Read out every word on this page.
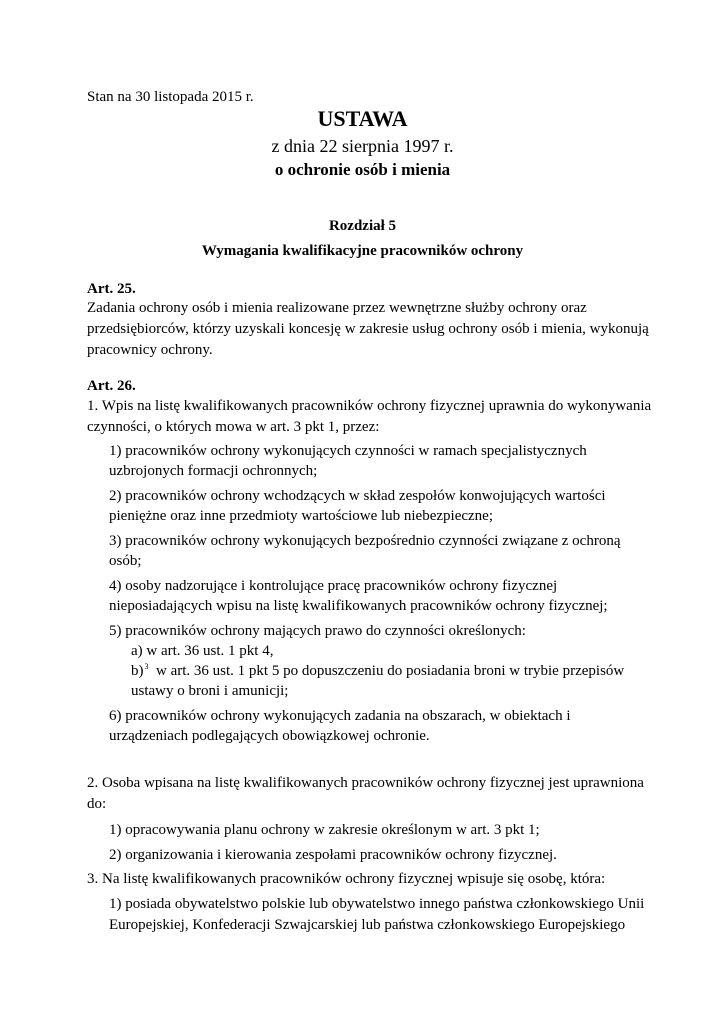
Stan na 30 listopada 2015 r.
USTAWA
z dnia 22 sierpnia 1997 r.
o ochronie osób i mienia
Rozdział 5
Wymagania kwalifikacyjne pracowników ochrony
Art. 25.
Zadania ochrony osób i mienia realizowane przez wewnętrzne służby ochrony oraz
przedsiębiorców, którzy uzyskali koncesję w zakresie usług ochrony osób i mienia, wykonują
pracownicy ochrony.
Art. 26.
1. Wpis na listę kwalifikowanych pracowników ochrony fizycznej uprawnia do wykonywania
czynności, o których mowa w art. 3 pkt 1, przez:
1) pracowników ochrony wykonujących czynności w ramach specjalistycznych
uzbrojonych formacji ochronnych;
2) pracowników ochrony wchodzących w skład zespołów konwojujących wartości
pieniężne oraz inne przedmioty wartościowe lub niebezpieczne;
3) pracowników ochrony wykonujących bezpośrednio czynności związane z ochroną
osób;
4) osoby nadzorujące i kontrolujące pracę pracowników ochrony fizycznej
nieposiadających wpisu na listę kwalifikowanych pracowników ochrony fizycznej;
5) pracowników ochrony mających prawo do czynności określonych:
a) w art. 36 ust. 1 pkt 4,
b)$^3$ w art. 36 ust. 1 pkt 5 po dopuszczeniu do posiadania broni w trybie przepisów
ustawy o broni i amunicji;
6) pracowników ochrony wykonujących zadania na obszarach, w obiektach i
urządzeniach podlegających obowiązkowej ochronie.
2. Osoba wpisana na listę kwalifikowanych pracowników ochrony fizycznej jest uprawniona
do:
1) opracowywania planu ochrony w zakresie określonym w art. 3 pkt 1;
2) organizowania i kierowania zespołami pracowników ochrony fizycznej.
3. Na listę kwalifikowanych pracowników ochrony fizycznej wpisuje się osobę, która:
1) posiada obywatelstwo polskie lub obywatelstwo innego państwa członkowskiego Unii
Europejskiej, Konfederacji Szwajcarskiej lub państwa członkowskiego Europejskiego
